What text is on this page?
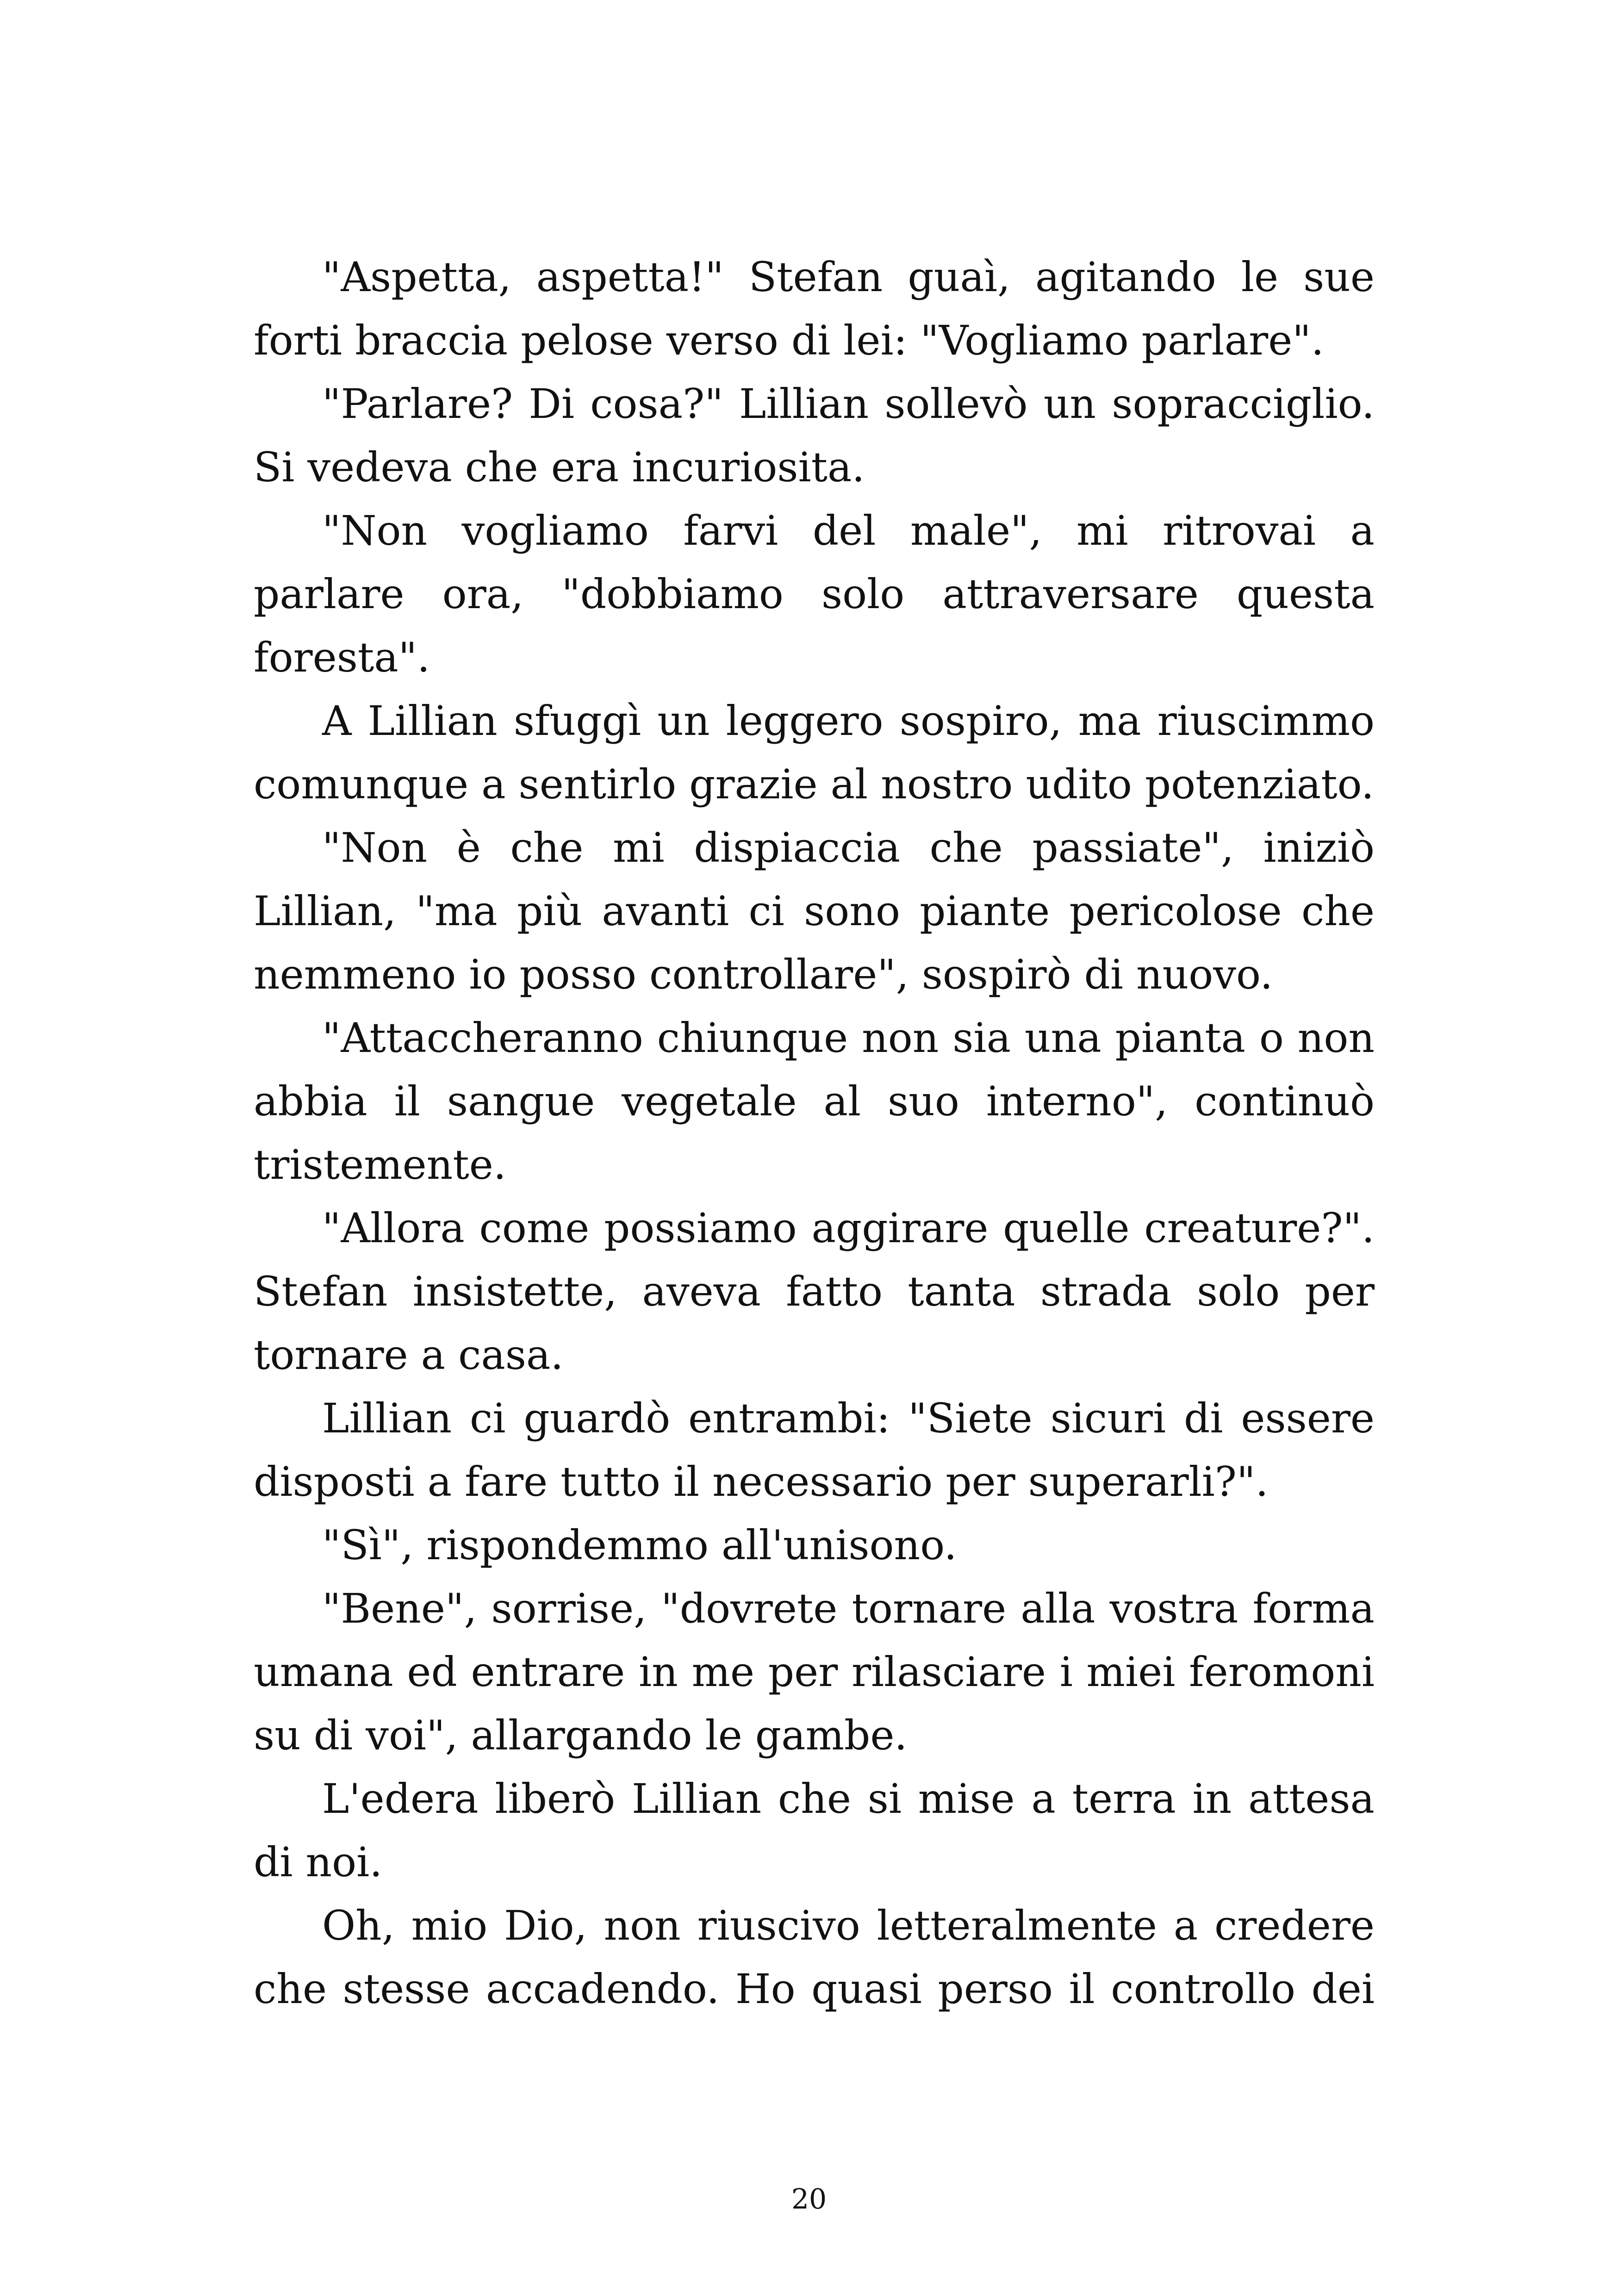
"Aspetta, aspetta!" Stefan guaì, agitando le sue forti braccia pelose verso di lei: "Vogliamo parlare".

"Parlare? Di cosa?" Lillian sollevò un sopracciglio. Si vedeva che era incuriosita.

"Non vogliamo farvi del male", mi ritrovai a parlare ora, "dobbiamo solo attraversare questa foresta".

A Lillian sfuggì un leggero sospiro, ma riuscimmo comunque a sentirlo grazie al nostro udito potenziato.

"Non è che mi dispiaccia che passiate", iniziò Lillian, "ma più avanti ci sono piante pericolose che nemmeno io posso controllare", sospirò di nuovo.

"Attaccheranno chiunque non sia una pianta o non abbia il sangue vegetale al suo interno", continuò tristemente.

"Allora come possiamo aggirare quelle creature?". Stefan insistette, aveva fatto tanta strada solo per tornare a casa.

Lillian ci guardò entrambi: "Siete sicuri di essere disposti a fare tutto il necessario per superarli?".

"Sì", rispondemmo all'unisono.

"Bene", sorrise, "dovrete tornare alla vostra forma umana ed entrare in me per rilasciare i miei feromoni su di voi", allargando le gambe.

L'edera liberò Lillian che si mise a terra in attesa di noi.

Oh, mio Dio, non riuscivo letteralmente a credere che stesse accadendo. Ho quasi perso il controllo dei

20
